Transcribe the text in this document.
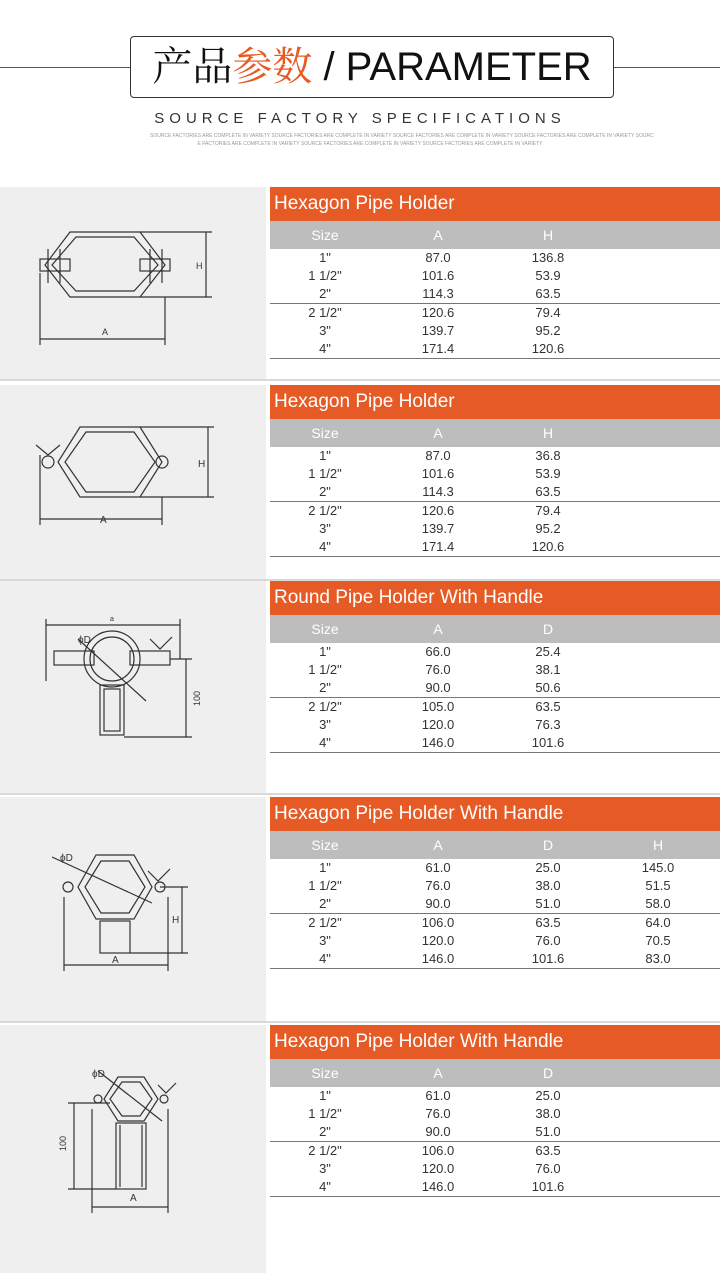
产品参数 / PARAMETER
SOURCE FACTORY SPECIFICATIONS
SOURCE FACTORIES ARE COMPLETE IN VARIETY SOURCE FACTORIES ARE COMPLETE IN VARIETY SOURCE FACTORIES ARE COMPLETE IN VARIETY SOURCE FACTORIES ARE COMPLETE IN VARIETY SOURC
E FACTORIES ARE COMPLETE IN VARIETY SOURCE FACTORIES ARE COMPLETE IN VARIETY SOURCE FACTORIES ARE COMPLETE IN VARIETY
A
H
Hexagon Pipe Holder
Size	A	H
1"	87.0	136.8
1 1/2"	101.6	53.9
2"	114.3	63.5
2 1/2"	120.6	79.4
3"	139.7	95.2
4"	171.4	120.6
A
H
Hexagon Pipe Holder
Size	A	H
1"	87.0	36.8
1 1/2"	101.6	53.9
2"	114.3	63.5
2 1/2"	120.6	79.4
3"	139.7	95.2
4"	171.4	120.6
a
ϕD
100
Round Pipe Holder With Handle
Size	A	D
1"	66.0	25.4
1 1/2"	76.0	38.1
2"	90.0	50.6
2 1/2"	105.0	63.5
3"	120.0	76.3
4"	146.0	101.6
A
ϕD
H
Hexagon Pipe Holder With Handle
Size	A	D	H
1"	61.0	25.0	145.0
1 1/2"	76.0	38.0	51.5
2"	90.0	51.0	58.0
2 1/2"	106.0	63.5	64.0
3"	120.0	76.0	70.5
4"	146.0	101.6	83.0
A
ϕD
100
Hexagon Pipe Holder With Handle
Size	A	D
1"	61.0	25.0
1 1/2"	76.0	38.0
2"	90.0	51.0
2 1/2"	106.0	63.5
3"	120.0	76.0
4"	146.0	101.6
